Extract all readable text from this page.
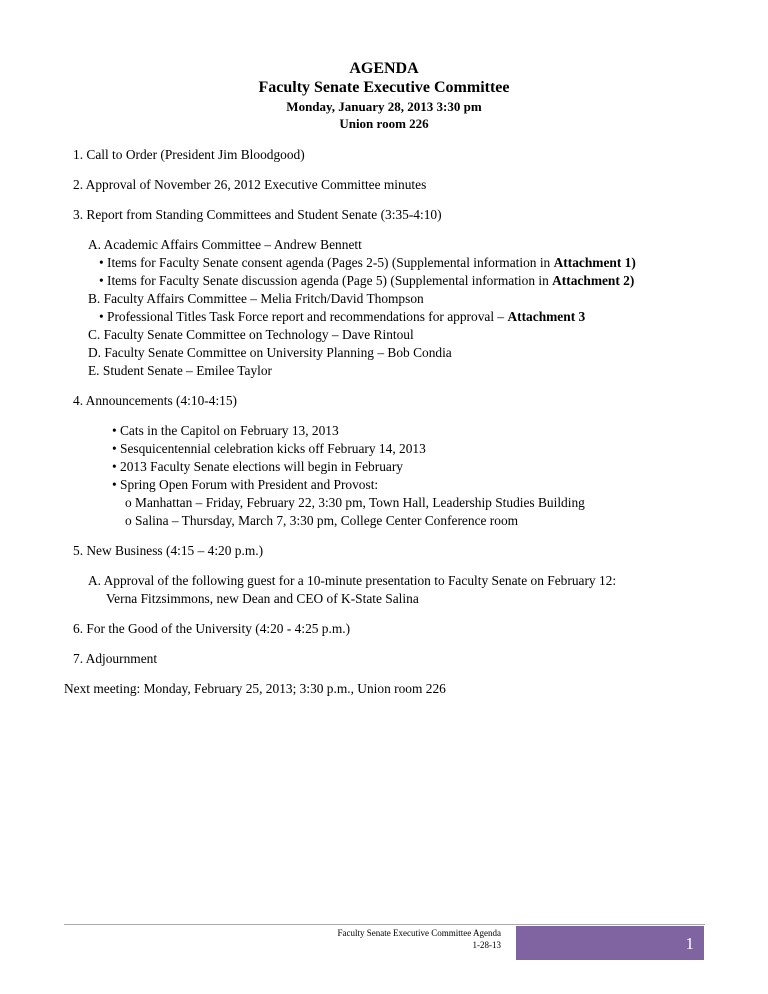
AGENDA
Faculty Senate Executive Committee
Monday, January 28, 2013 3:30 pm
Union room 226
1. Call to Order (President Jim Bloodgood)
2. Approval of November 26, 2012 Executive Committee minutes
3. Report from Standing Committees and Student Senate (3:35-4:10)
A. Academic Affairs Committee – Andrew Bennett
• Items for Faculty Senate consent agenda (Pages 2-5) (Supplemental information in Attachment 1)
• Items for Faculty Senate discussion agenda (Page 5) (Supplemental information in Attachment 2)
B. Faculty Affairs Committee – Melia Fritch/David Thompson
• Professional Titles Task Force report and recommendations for approval – Attachment 3
C. Faculty Senate Committee on Technology – Dave Rintoul
D. Faculty Senate Committee on University Planning – Bob Condia
E. Student Senate – Emilee Taylor
4. Announcements (4:10-4:15)
• Cats in the Capitol on February 13, 2013
• Sesquicentennial celebration kicks off February 14, 2013
• 2013 Faculty Senate elections will begin in February
• Spring Open Forum with President and Provost:
o Manhattan – Friday, February 22, 3:30 pm, Town Hall, Leadership Studies Building
o Salina – Thursday, March 7, 3:30 pm, College Center Conference room
5. New Business (4:15 – 4:20 p.m.)
A. Approval of the following guest for a 10-minute presentation to Faculty Senate on February 12:
Verna Fitzsimmons, new Dean and CEO of K-State Salina
6. For the Good of the University (4:20 - 4:25 p.m.)
7. Adjournment
Next meeting: Monday, February 25, 2013; 3:30 p.m., Union room 226
Faculty Senate Executive Committee Agenda
1-28-13	1
